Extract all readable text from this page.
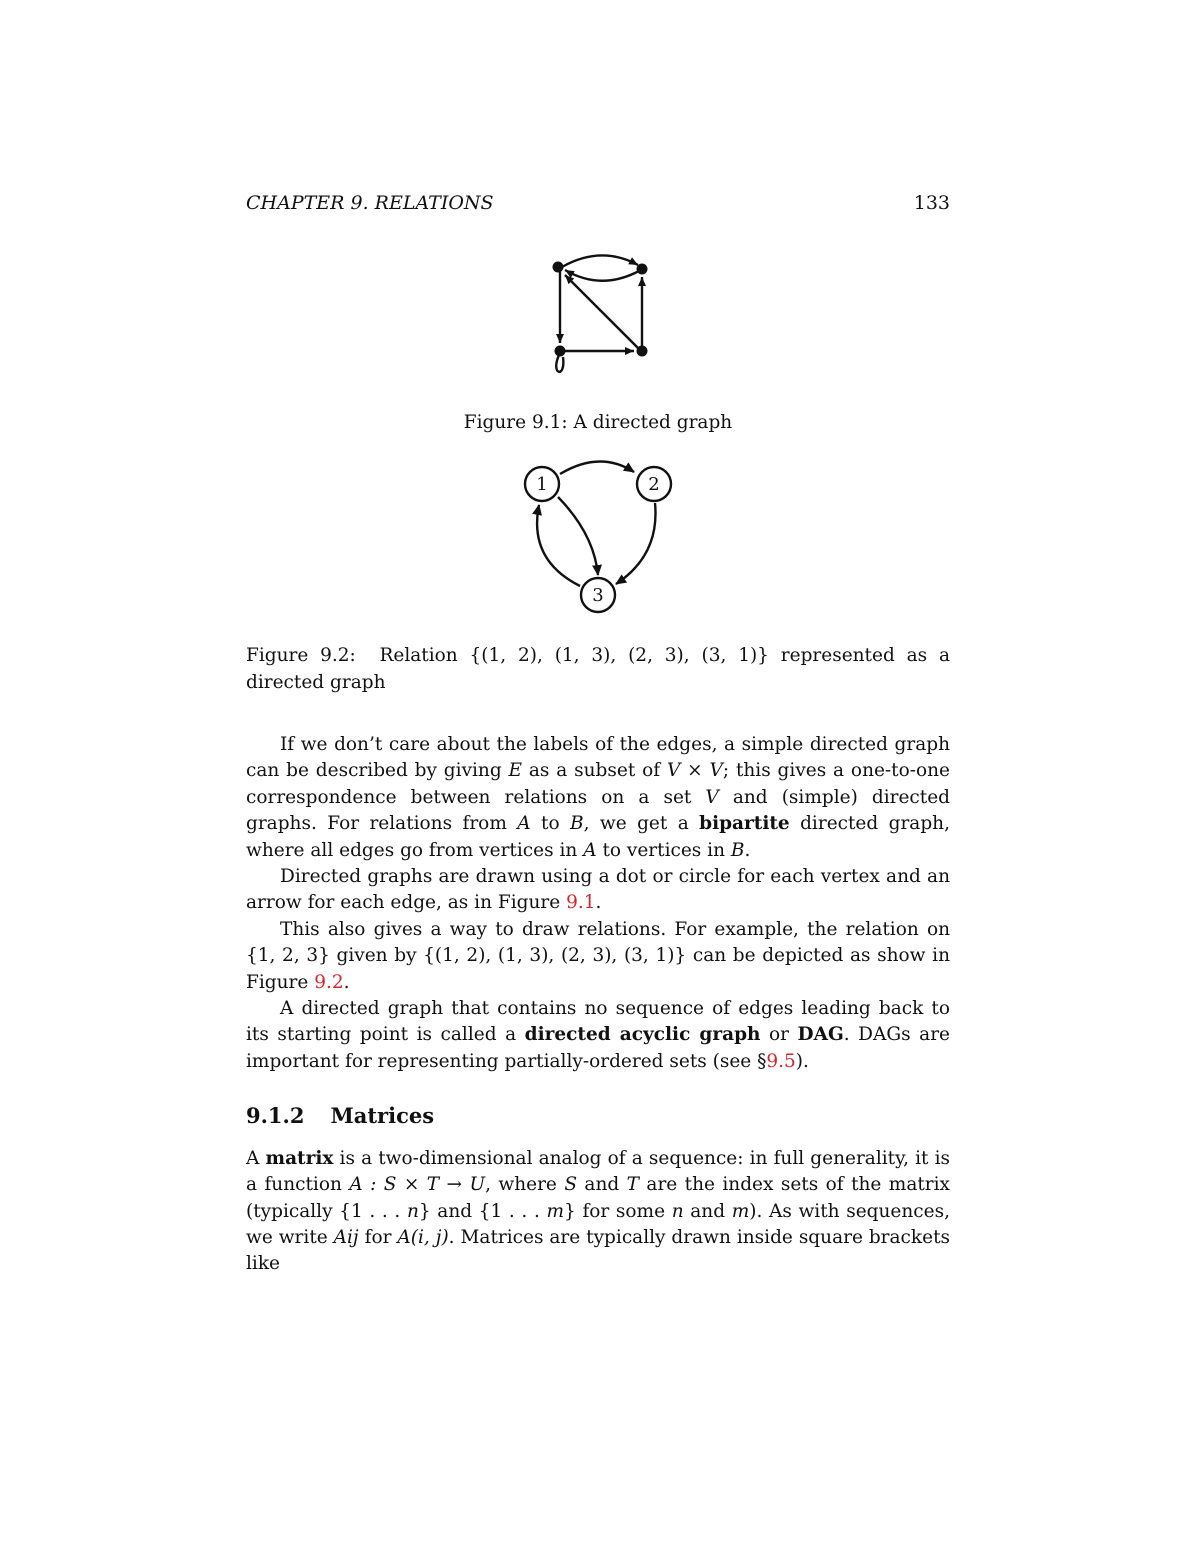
CHAPTER 9. RELATIONS	133
Figure 9.1: A directed graph
1	2
3
Figure 9.2: Relation {(1, 2), (1, 3), (2, 3), (3, 1)} represented as a directed graph

If we don’t care about the labels of the edges, a simple directed graph can be described by giving E as a subset of V × V; this gives a one-to-one correspondence between relations on a set V and (simple) directed graphs. For relations from A to B, we get a bipartite directed graph, where all edges go from vertices in A to vertices in B.

Directed graphs are drawn using a dot or circle for each vertex and an arrow for each edge, as in Figure 9.1.

This also gives a way to draw relations. For example, the relation on {1, 2, 3} given by {(1, 2), (1, 3), (2, 3), (3, 1)} can be depicted as show in Figure 9.2.

A directed graph that contains no sequence of edges leading back to its starting point is called a directed acyclic graph or DAG. DAGs are important for representing partially-ordered sets (see §9.5).

9.1.2 Matrices

A matrix is a two-dimensional analog of a sequence: in full generality, it is a function A : S × T → U, where S and T are the index sets of the matrix (typically {1 . . . n} and {1 . . . m} for some n and m). As with sequences, we write Aij for A(i, j). Matrices are typically drawn inside square brackets like
